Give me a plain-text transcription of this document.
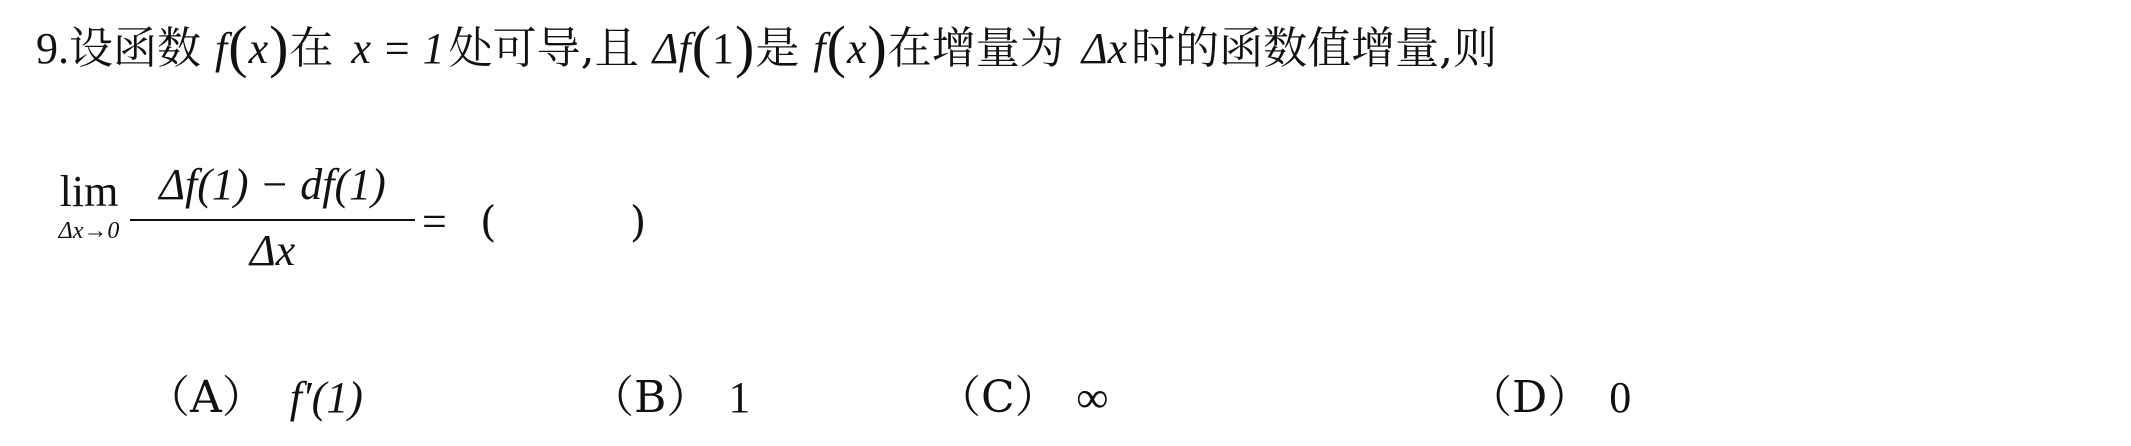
9.设函数 f(x)在 x = 1处可导,且 Δf(1)是 f(x)在增量为 Δx时的函数值增量,则
lim
Δx→0
Δf(1) − df(1)
Δx
= (          )
（A） f′(1)	（B） 1	（C） ∞	（D） 0
